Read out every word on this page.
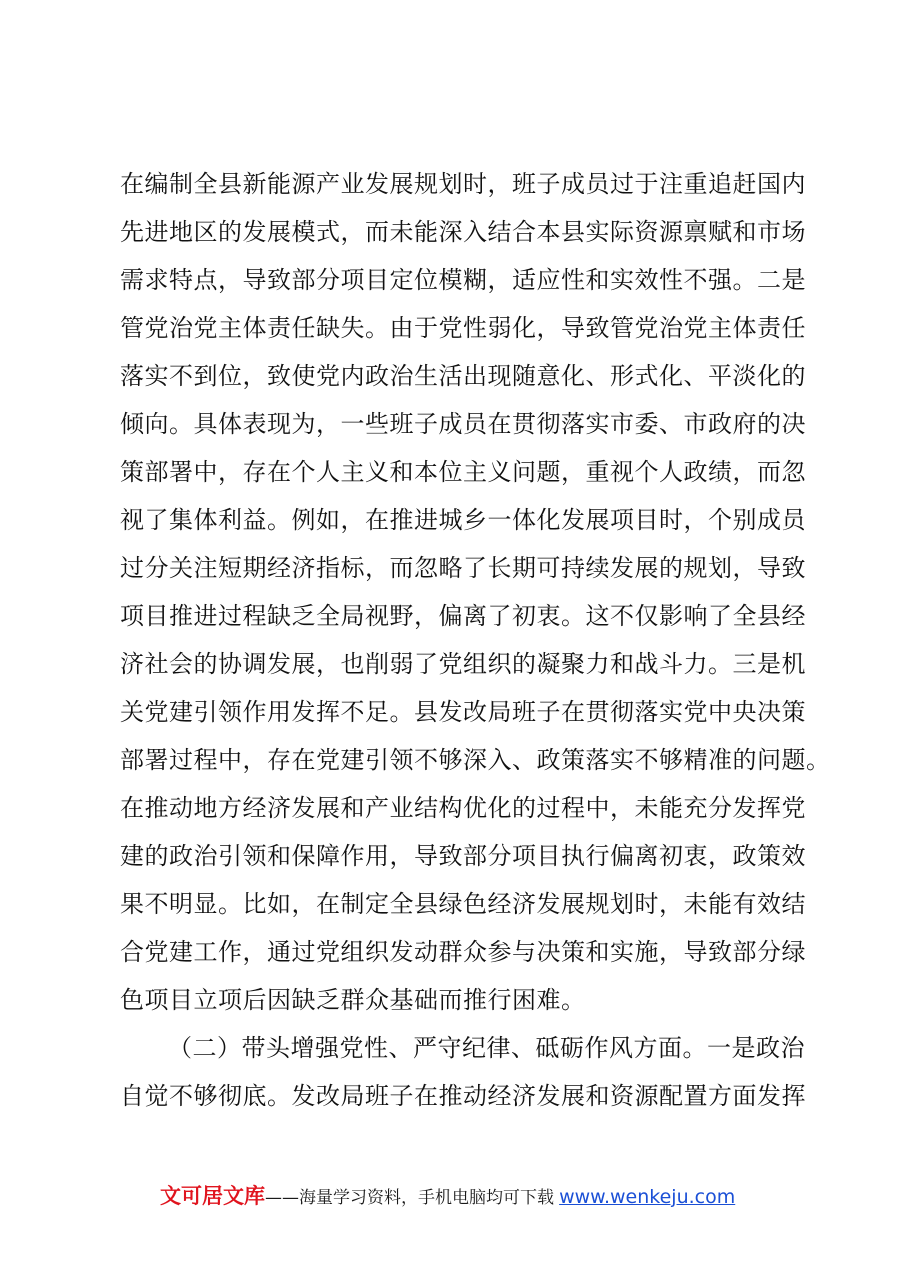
在编制全县新能源产业发展规划时，班子成员过于注重追赶国内
先进地区的发展模式，而未能深入结合本县实际资源禀赋和市场
需求特点，导致部分项目定位模糊，适应性和实效性不强。二是
管党治党主体责任缺失。由于党性弱化，导致管党治党主体责任
落实不到位，致使党内政治生活出现随意化、形式化、平淡化的
倾向。具体表现为，一些班子成员在贯彻落实市委、市政府的决
策部署中，存在个人主义和本位主义问题，重视个人政绩，而忽
视了集体利益。例如，在推进城乡一体化发展项目时，个别成员
过分关注短期经济指标，而忽略了长期可持续发展的规划，导致
项目推进过程缺乏全局视野，偏离了初衷。这不仅影响了全县经
济社会的协调发展，也削弱了党组织的凝聚力和战斗力。三是机
关党建引领作用发挥不足。县发改局班子在贯彻落实党中央决策
部署过程中，存在党建引领不够深入、政策落实不够精准的问题。
在推动地方经济发展和产业结构优化的过程中，未能充分发挥党
建的政治引领和保障作用，导致部分项目执行偏离初衷，政策效
果不明显。比如，在制定全县绿色经济发展规划时，未能有效结
合党建工作，通过党组织发动群众参与决策和实施，导致部分绿
色项目立项后因缺乏群众基础而推行困难。
（二）带头增强党性、严守纪律、砥砺作风方面。一是政治
自觉不够彻底。发改局班子在推动经济发展和资源配置方面发挥
文可居文库——海量学习资料，手机电脑均可下载 www.wenkeju.com
